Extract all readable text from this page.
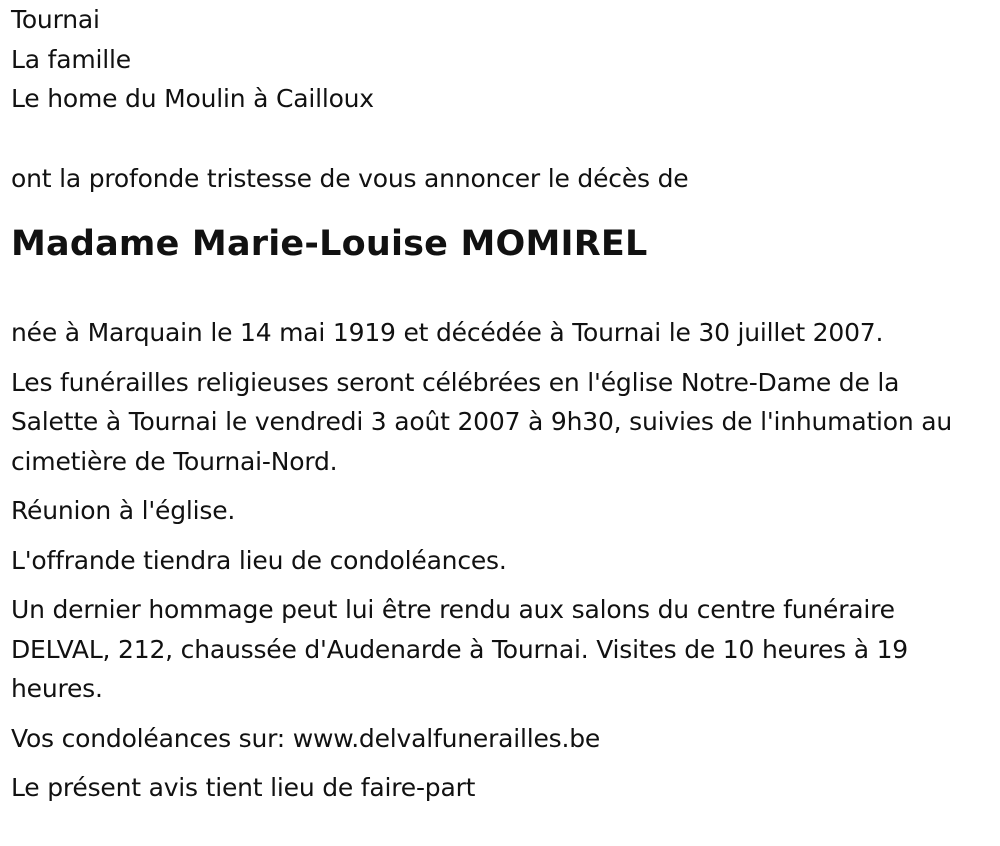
Tournai
La famille
Le home du Moulin à Cailloux
ont la profonde tristesse de vous annoncer le décès de
Madame Marie-Louise MOMIREL

née à Marquain le 14 mai 1919 et décédée à Tournai le 30 juillet 2007.

Les funérailles religieuses seront célébrées en l'église Notre-Dame de la Salette à Tournai le vendredi 3 août 2007 à 9h30, suivies de l'inhumation au cimetière de Tournai-Nord.

Réunion à l'église.

L'offrande tiendra lieu de condoléances.

Un dernier hommage peut lui être rendu aux salons du centre funéraire DELVAL, 212, chaussée d'Audenarde à Tournai. Visites de 10 heures à 19 heures.

Vos condoléances sur: www.delvalfunerailles.be

Le présent avis tient lieu de faire-part
